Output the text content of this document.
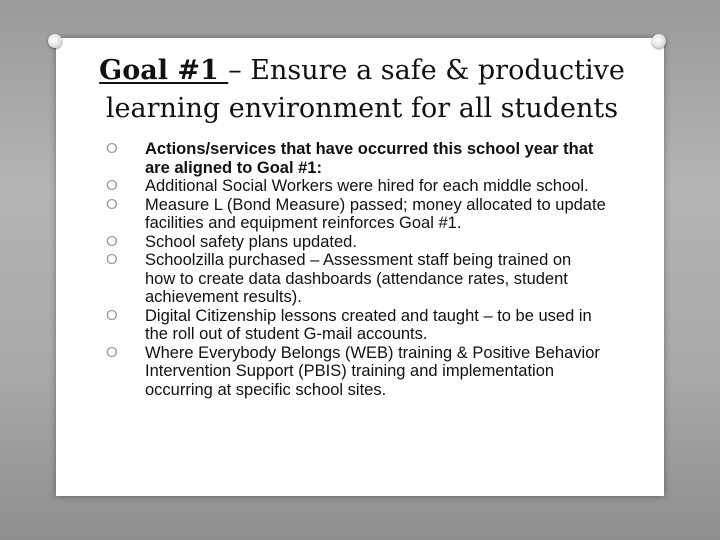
Goal #1 – Ensure a safe & productive learning environment for all students
O Actions/services that have occurred this school year that are aligned to Goal #1:
O Additional Social Workers were hired for each middle school.
O Measure L (Bond Measure) passed; money allocated to update facilities and equipment reinforces Goal #1.
O School safety plans updated.
O Schoolzilla purchased – Assessment staff being trained on how to create data dashboards (attendance rates, student achievement results).
O Digital Citizenship lessons created and taught – to be used in the roll out of student G-mail accounts.
O Where Everybody Belongs (WEB) training & Positive Behavior Intervention Support (PBIS) training and implementation occurring at specific school sites.
